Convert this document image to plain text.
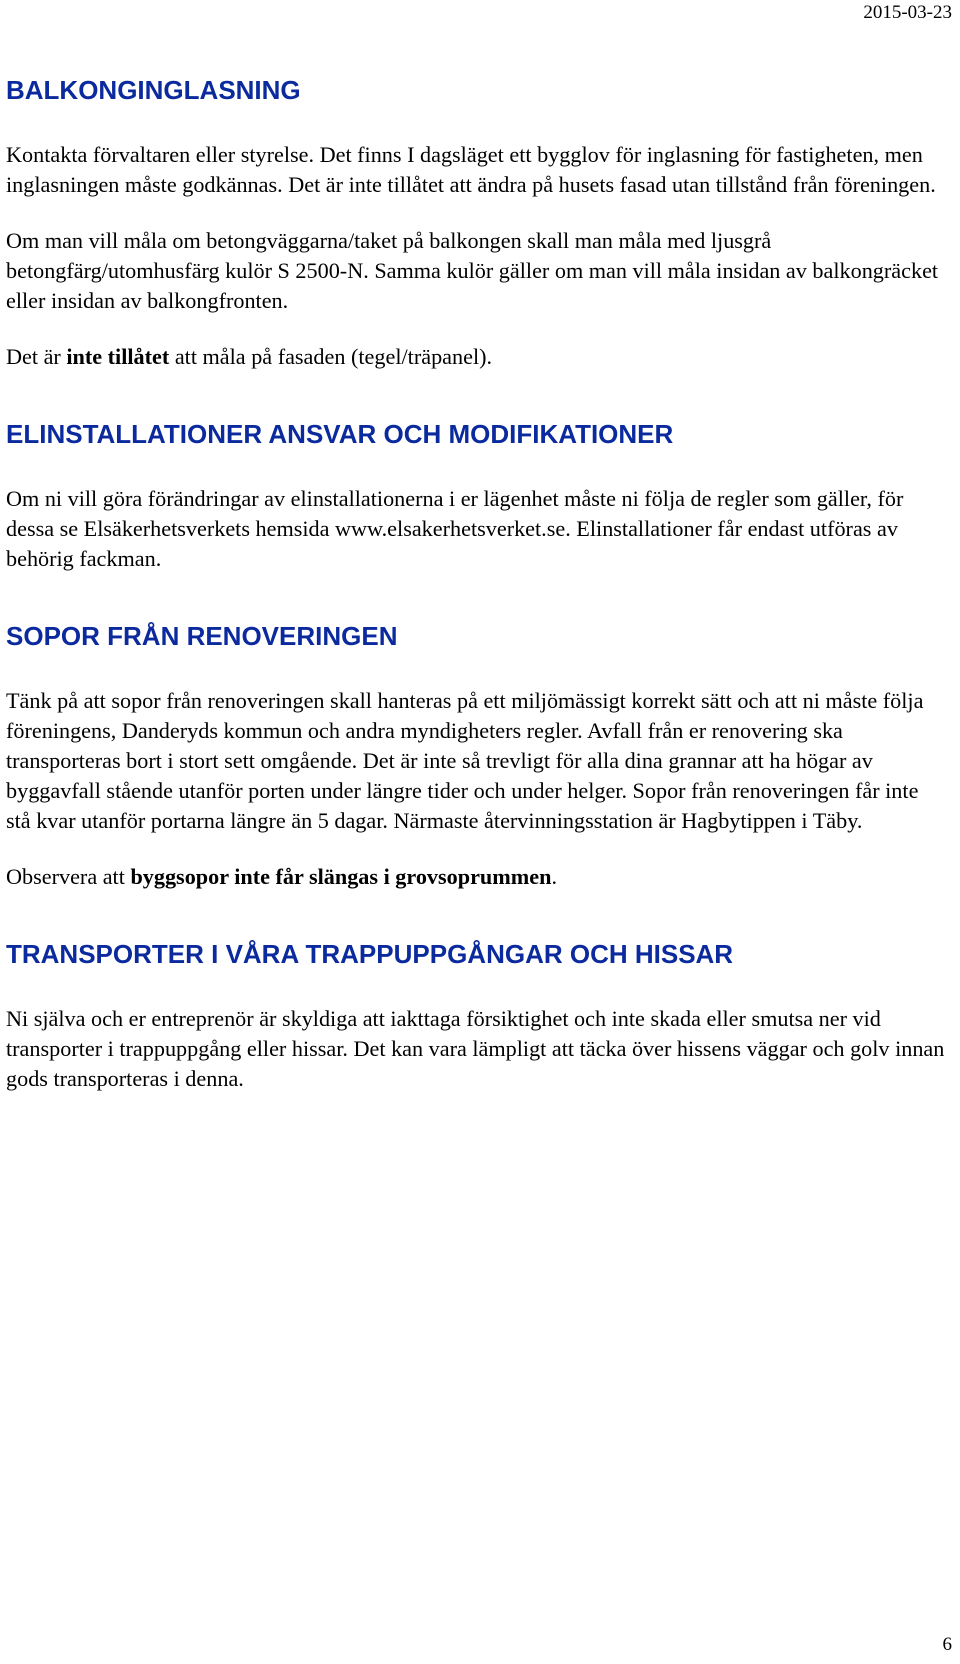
2015-03-23
BALKONGINGLASNING

Kontakta förvaltaren eller styrelse. Det finns I dagsläget ett bygglov för inglasning för fastigheten, men inglasningen måste godkännas. Det är inte tillåtet att ändra på husets fasad utan tillstånd från föreningen.

Om man vill måla om betongväggarna/taket på balkongen skall man måla med ljusgrå betongfärg/utomhusfärg kulör S 2500-N. Samma kulör gäller om man vill måla insidan av balkongräcket eller insidan av balkongfronten.

Det är inte tillåtet att måla på fasaden (tegel/träpanel).

ELINSTALLATIONER ANSVAR OCH MODIFIKATIONER

Om ni vill göra förändringar av elinstallationerna i er lägenhet måste ni följa de regler som gäller, för dessa se Elsäkerhetsverkets hemsida www.elsakerhetsverket.se. Elinstallationer får endast utföras av behörig fackman.

SOPOR FRÅN RENOVERINGEN

Tänk på att sopor från renoveringen skall hanteras på ett miljömässigt korrekt sätt och att ni måste följa föreningens, Danderyds kommun och andra myndigheters regler. Avfall från er renovering ska transporteras bort i stort sett omgående. Det är inte så trevligt för alla dina grannar att ha högar av byggavfall stående utanför porten under längre tider och under helger. Sopor från renoveringen får inte stå kvar utanför portarna längre än 5 dagar. Närmaste återvinningsstation är Hagbytippen i Täby.

Observera att byggsopor inte får slängas i grovsoprummen.

TRANSPORTER I VÅRA TRAPPUPPGÅNGAR OCH HISSAR

Ni själva och er entreprenör är skyldiga att iakttaga försiktighet och inte skada eller smutsa ner vid transporter i trappuppgång eller hissar. Det kan vara lämpligt att täcka över hissens väggar och golv innan gods transporteras i denna.

6
